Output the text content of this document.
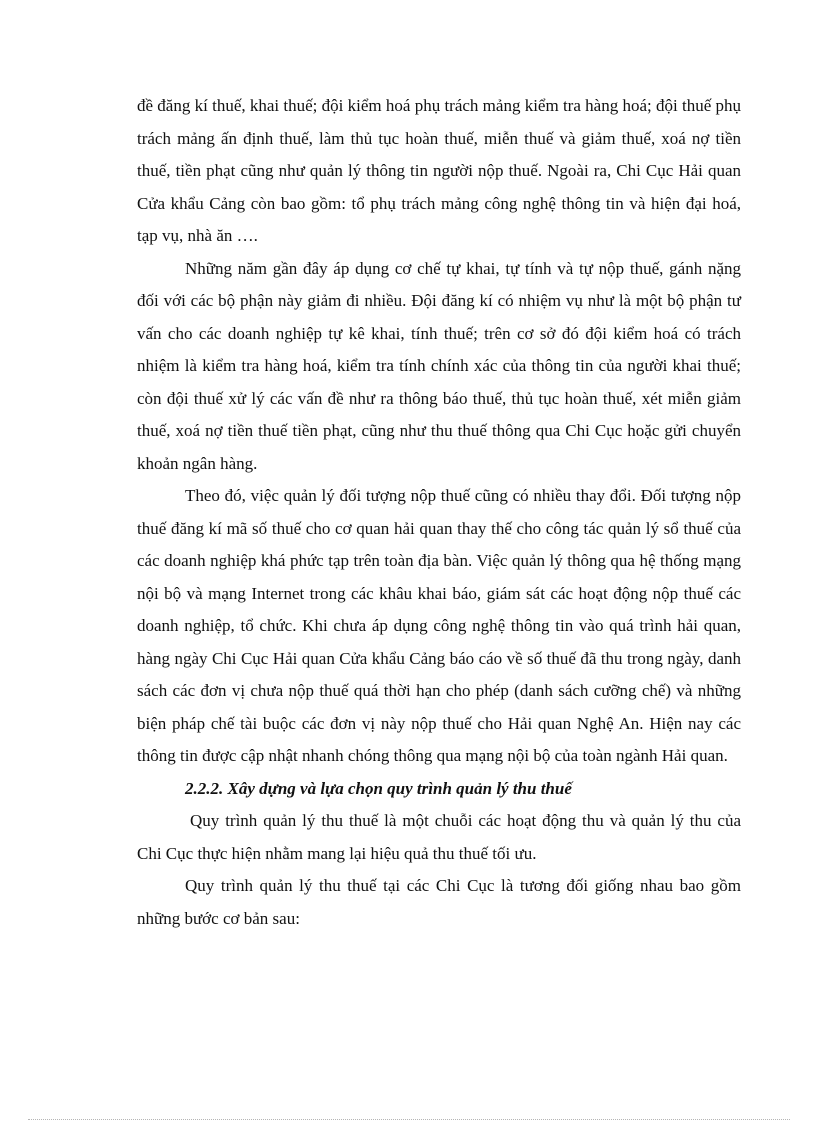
đề đăng kí thuế, khai thuế; đội kiểm hoá phụ trách mảng kiểm tra hàng hoá; đội thuế phụ trách mảng ấn định thuế, làm thủ tục hoàn thuế, miễn thuế và giảm thuế, xoá nợ tiền thuế, tiền phạt cũng như quản lý thông tin người nộp thuế. Ngoài ra, Chi Cục Hải quan Cửa khẩu Cảng còn bao gồm: tổ phụ trách mảng công nghệ thông tin và hiện đại hoá, tạp vụ, nhà ăn ….

Những năm gần đây áp dụng cơ chế tự khai, tự tính và tự nộp thuế, gánh nặng đối với các bộ phận này giảm đi nhiều. Đội đăng kí có nhiệm vụ như là một bộ phận tư vấn cho các doanh nghiệp tự kê khai, tính thuế; trên cơ sở đó đội kiểm hoá có trách nhiệm là kiểm tra hàng hoá, kiểm tra tính chính xác của thông tin của người khai thuế; còn đội thuế xử lý các vấn đề như ra thông báo thuế, thủ tục hoàn thuế, xét miễn giảm thuế, xoá nợ tiền thuế tiền phạt, cũng như thu thuế thông qua Chi Cục hoặc gửi chuyển khoản ngân hàng.

Theo đó, việc quản lý đối tượng nộp thuế cũng có nhiều thay đổi. Đối tượng nộp thuế đăng kí mã số thuế cho cơ quan hải quan thay thế cho công tác quản lý sổ thuế của các doanh nghiệp khá phức tạp trên toàn địa bàn. Việc quản lý thông qua hệ thống mạng nội bộ và mạng Internet trong các khâu khai báo, giám sát các hoạt động nộp thuế các doanh nghiệp, tổ chức. Khi chưa áp dụng công nghệ thông tin vào quá trình hải quan, hàng ngày Chi Cục Hải quan Cửa khẩu Cảng báo cáo về số thuế đã thu trong ngày, danh sách các đơn vị chưa nộp thuế quá thời hạn cho phép (danh sách cưỡng chế) và những biện pháp chế tài buộc các đơn vị này nộp thuế cho Hải quan Nghệ An. Hiện nay các thông tin được cập nhật nhanh chóng thông qua mạng nội bộ của toàn ngành Hải quan.

2.2.2. Xây dựng và lựa chọn quy trình quản lý thu thuế

Quy trình quản lý thu thuế là một chuỗi các hoạt động thu và quản lý thu của Chi Cục thực hiện nhằm mang lại hiệu quả thu thuế tối ưu.

Quy trình quản lý thu thuế tại các Chi Cục là tương đối giống nhau bao gồm những bước cơ bản sau:
